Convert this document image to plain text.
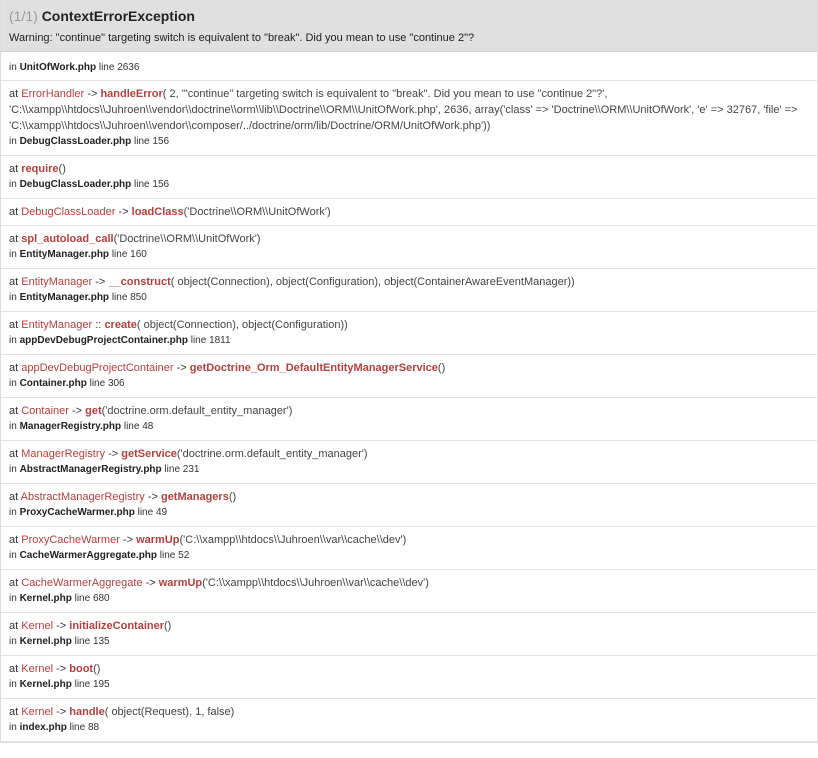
(1/1) ContextErrorException
Warning: "continue" targeting switch is equivalent to "break". Did you mean to use "continue 2"?
in UnitOfWork.php line 2636
at ErrorHandler -> handleError( 2, '"continue" targeting switch is equivalent to "break". Did you mean to use "continue 2"?', 'C:\\xampp\\htdocs\\Juhroen\\vendor\\doctrine\\orm\\lib\\Doctrine\\ORM\\UnitOfWork.php', 2636, array('class' => 'Doctrine\\ORM\\UnitOfWork', 'e' => 32767, 'file' => 'C:\\xampp\\htdocs\\Juhroen\\vendor\\composer/../doctrine/orm/lib/Doctrine/ORM/UnitOfWork.php'))
in DebugClassLoader.php line 156
at require()
in DebugClassLoader.php line 156
at DebugClassLoader -> loadClass('Doctrine\\ORM\\UnitOfWork')
at spl_autoload_call('Doctrine\\ORM\\UnitOfWork')
in EntityManager.php line 160
at EntityManager -> __construct( object(Connection), object(Configuration), object(ContainerAwareEventManager))
in EntityManager.php line 850
at EntityManager :: create( object(Connection), object(Configuration))
in appDevDebugProjectContainer.php line 1811
at appDevDebugProjectContainer -> getDoctrine_Orm_DefaultEntityManagerService()
in Container.php line 306
at Container -> get('doctrine.orm.default_entity_manager')
in ManagerRegistry.php line 48
at ManagerRegistry -> getService('doctrine.orm.default_entity_manager')
in AbstractManagerRegistry.php line 231
at AbstractManagerRegistry -> getManagers()
in ProxyCacheWarmer.php line 49
at ProxyCacheWarmer -> warmUp('C:\\xampp\\htdocs\\Juhroen\\var\\cache\\dev')
in CacheWarmerAggregate.php line 52
at CacheWarmerAggregate -> warmUp('C:\\xampp\\htdocs\\Juhroen\\var\\cache\\dev')
in Kernel.php line 680
at Kernel -> initializeContainer()
in Kernel.php line 135
at Kernel -> boot()
in Kernel.php line 195
at Kernel -> handle( object(Request), 1, false)
in index.php line 88
